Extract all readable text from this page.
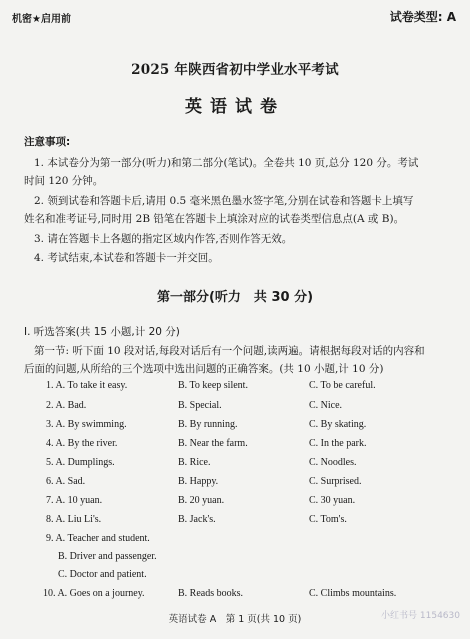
机密★启用前	试卷类型: A
2025 年陕西省初中学业水平考试
英语试卷
注意事项:
1. 本试卷分为第一部分(听力)和第二部分(笔试)。全卷共 10 页,总分 120 分。考试
时间 120 分钟。
2. 领到试卷和答题卡后,请用 0.5 毫米黑色墨水签字笔,分别在试卷和答题卡上填写
姓名和准考证号,同时用 2B 铅笔在答题卡上填涂对应的试卷类型信息点(A 或 B)。
3. 请在答题卡上各题的指定区域内作答,否则作答无效。
4. 考试结束,本试卷和答题卡一并交回。
第一部分(听力　共 30 分)
Ⅰ. 听选答案(共 15 小题,计 20 分)
第一节: 听下面 10 段对话,每段对话后有一个问题,读两遍。请根据每段对话的内容和
后面的问题,从所给的三个选项中选出问题的正确答案。(共 10 小题,计 10 分)
1. A. To take it easy.	B. To keep silent.	C. To be careful.
2. A. Bad.	B. Special.	C. Nice.
3. A. By swimming.	B. By running.	C. By skating.
4. A. By the river.	B. Near the farm.	C. In the park.
5. A. Dumplings.	B. Rice.	C. Noodles.
6. A. Sad.	B. Happy.	C. Surprised.
7. A. 10 yuan.	B. 20 yuan.	C. 30 yuan.
8. A. Liu Li's.	B. Jack's.	C. Tom's.
9. A. Teacher and student.
B. Driver and passenger.
C. Doctor and patient.
10. A. Goes on a journey.	B. Reads books.	C. Climbs mountains.
英语试卷 A　第 1 页(共 10 页)	小红书号 1154630
